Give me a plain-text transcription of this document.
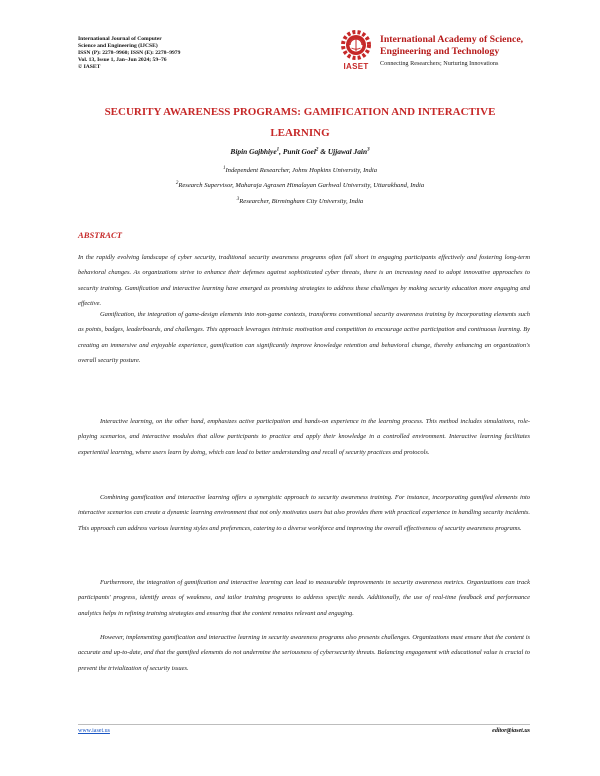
International Journal of Computer
Science and Engineering (IJCSE)
ISSN (P): 2278–9960; ISSN (E): 2278–9979
Vol. 13, Issue 1, Jan–Jun 2024; 59–76
© IASET	IASET
International Academy of Science,
Engineering and Technology
Connecting Researchers; Nurturing Innovations
SECURITY AWARENESS PROGRAMS: GAMIFICATION AND INTERACTIVE
LEARNING
Bipin Gajbhiye$^1$, Punit Goel$^2$ & Ujjawal Jain$^3$
$^1$Independent Researcher, Johns Hopkins University, India
$^2$Research Supervisor, Maharaja Agrasen Himalayan Garhwal University, Uttarakhand, India
$^3$Researcher, Birmingham City University, India
ABSTRACT

In the rapidly evolving landscape of cyber security, traditional security awareness programs often fall short in engaging participants effectively and fostering long-term behavioral changes. As organizations strive to enhance their defenses against sophisticated cyber threats, there is an increasing need to adopt innovative approaches to security training. Gamification and interactive learning have emerged as promising strategies to address these challenges by making security education more engaging and effective.

Gamification, the integration of game-design elements into non-game contexts, transforms conventional security awareness training by incorporating elements such as points, badges, leaderboards, and challenges. This approach leverages intrinsic motivation and competition to encourage active participation and continuous learning. By creating an immersive and enjoyable experience, gamification can significantly improve knowledge retention and behavioral change, thereby enhancing an organization's overall security posture.

Interactive learning, on the other hand, emphasizes active participation and hands-on experience in the learning process. This method includes simulations, role-playing scenarios, and interactive modules that allow participants to practice and apply their knowledge in a controlled environment. Interactive learning facilitates experiential learning, where users learn by doing, which can lead to better understanding and recall of security practices and protocols.

Combining gamification and interactive learning offers a synergistic approach to security awareness training. For instance, incorporating gamified elements into interactive scenarios can create a dynamic learning environment that not only motivates users but also provides them with practical experience in handling security incidents. This approach can address various learning styles and preferences, catering to a diverse workforce and improving the overall effectiveness of security awareness programs.

Furthermore, the integration of gamification and interactive learning can lead to measurable improvements in security awareness metrics. Organizations can track participants' progress, identify areas of weakness, and tailor training programs to address specific needs. Additionally, the use of real-time feedback and performance analytics helps in refining training strategies and ensuring that the content remains relevant and engaging.

However, implementing gamification and interactive learning in security awareness programs also presents challenges. Organizations must ensure that the content is accurate and up-to-date, and that the gamified elements do not undermine the seriousness of cybersecurity threats. Balancing engagement with educational value is crucial to prevent the trivialization of security issues.

www.iaset.us	editor@iaset.us
